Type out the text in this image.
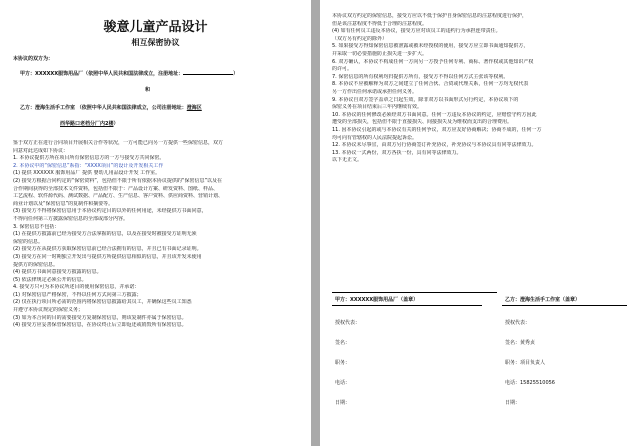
骏意儿童产品设计
相互保密协议
本协议的双方为：
甲方：XXXXXX服饰用品厂（依照中华人民共和国法律成立，注册地址：	）
和
乙方：澄海生活手工作室 （依照中华人民共和国法律成立，公司注册地址：澄海区
西华路口老档分厂内2楼）
鉴于双方正在进行合同项目开展相关合作等状况，一方可能已向另一方提供一些保密信息，双方
同意对此达成如下协议：
1. 本协议提供方所在项目所有保密信息方的一方与接受方共同保密。
2. 本协议中的“保密信息”系指：“XXXX项目”的设计及开发相关工作
(1) 提供 XXXXXX 服饰用品厂 提供 婴幼儿用品设计开发 工作室。
(2) 接受方根据合同约定的“保密资料”，包括但不限于所有依据本协议提供的“保密信息”以及在
合作期间获得的全部技术文件资料，包括但不限于：产品设计方案、研发资料、图纸、样品、
工艺流程、软件源代码、测试数据、产品配方、生产信息、客户资料、供应商资料、营销计划、
商业计划以及“保密信息”的复制件和摘要等。
(3) 接受方不得将保密信息用于本协议约定目的以外的任何用途，未经提供方书面同意，
不得向任何第三方披露保密信息的全部或部分内容。
3. 保密信息不包括：
(1) 在提供方披露前已经为接受方合法掌握的信息，以及在接受时被接受方证明无须
保密的信息。
(2) 接受方在从提供方获取保密信息前已经合法拥有的信息，并且已有书面记录证明。
(3) 接受方在同一时期独立开发出与提供方所提供信息相似的信息，并且该开发未使用
提供方的保密信息。
(4) 提供方书面同意接受方披露的信息。
(5) 依法律规定必须公开的信息。
4. 接受方只可为本协议所述目的使用保密信息，并承诺：
(1) 对保密信息严格保密，不得以任何方式向第三方披露；
(2) 仅在执行项目所必需的范围内将保密信息披露给其员工，并确保这些员工知悉
并遵守本协议规定的保密义务；
(3) 如为本合同的目的需要接受方复制保密信息，则该复制件亦属于保密信息。
(4) 接受方应妥善保管保密信息，在协议终止后立即返还或销毁所有保密信息。
本协议双方约定的保密信息，接受方应以不低于保护自身保密信息的注意程度进行保护，
但是该注意程度不得低于合理的注意程度。
(4) 如有任何员工违反本协议，接受方应对该员工的违约行为承担连带责任。
（双方另有约定的除外）
5. 如果接受方得知保密信息被泄露或被未经授权的使用，接受方应立即书面通知提供方，
并采取一切必要措施防止损失进一步扩大。
6. 双方确认，本协议不构成任何一方向另一方授予任何专利、商标、著作权或其他知识产权
的许可。
7. 保密信息的所有权利均归提供方所有，接受方不得以任何方式主张该等权利。
8. 本协议不应被解释为双方之间建立了任何合伙、合资或代理关系，任何一方均无权代表
另一方作出任何承诺或承担任何义务。
9. 本协议自双方签字盖章之日起生效，除非双方以书面形式另行约定，本协议项下的
保密义务在项目结束后三年内继续有效。
10. 本协议的任何修改必须经双方书面同意。任何一方违反本协议的约定，应赔偿守约方因此
遭受的全部损失，包括但不限于直接损失、间接损失及为维权而支出的合理费用。
11. 因本协议引起的或与本协议有关的任何争议，双方应友好协商解决；协商不成的，任何一方
均可向有管辖权的人民法院提起诉讼。
12. 本协议未尽事宜，由双方另行协商签订补充协议，补充协议与本协议具有同等法律效力。
13. 本协议一式两份，双方各执一份，具有同等法律效力。
以下无正文。
甲方：XXXXXX服饰用品厂（盖章）	乙方：澄海生活手工作室（盖章）
授权代表：
签名：
职务：
电话：
日期：
授权代表：
签名：黄秀贞
职务：项目负责人
电话：15825510056
日期：
